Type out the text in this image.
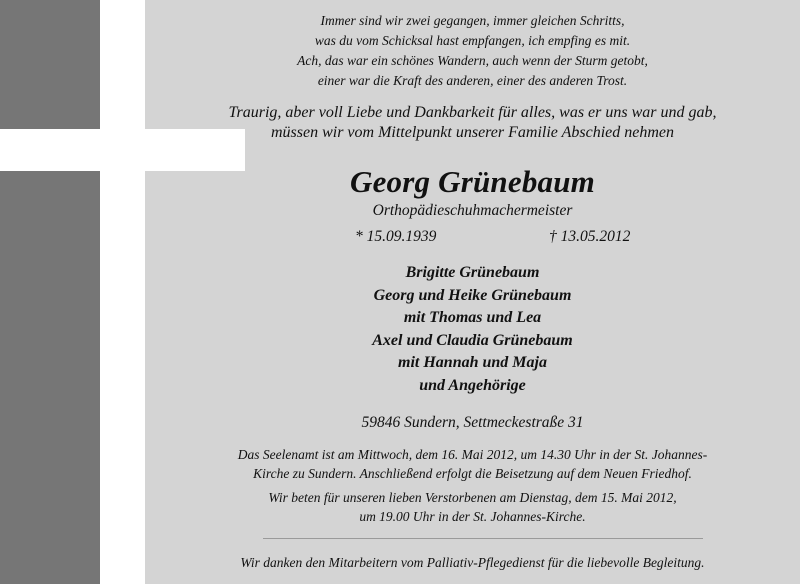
Immer sind wir zwei gegangen, immer gleichen Schritts,
was du vom Schicksal hast empfangen, ich empfing es mit.
Ach, das war ein schönes Wandern, auch wenn der Sturm getobt,
einer war die Kraft des anderen, einer des anderen Trost.
Traurig, aber voll Liebe und Dankbarkeit für alles, was er uns war und gab,
müssen wir vom Mittelpunkt unserer Familie Abschied nehmen
Georg Grünebaum
Orthopädieschuhmachermeister
* 15.09.1939	† 13.05.2012
Brigitte Grünebaum
Georg und Heike Grünebaum
mit Thomas und Lea
Axel und Claudia Grünebaum
mit Hannah und Maja
und Angehörige
59846 Sundern, Settmeckestraße 31
Das Seelenamt ist am Mittwoch, dem 16. Mai 2012, um 14.30 Uhr in der St. Johannes-
Kirche zu Sundern. Anschließend erfolgt die Beisetzung auf dem Neuen Friedhof.
Wir beten für unseren lieben Verstorbenen am Dienstag, dem 15. Mai 2012,
um 19.00 Uhr in der St. Johannes-Kirche.
Wir danken den Mitarbeitern vom Palliativ-Pflegedienst für die liebevolle Begleitung.
